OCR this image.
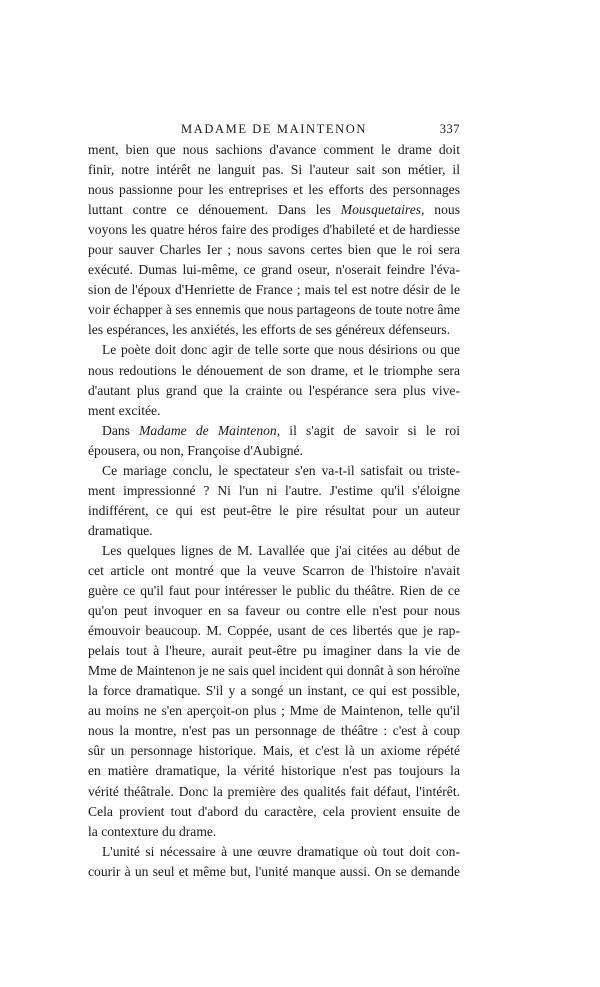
MADAME DE MAINTENON	337
ment, bien que nous sachions d'avance comment le drame doit
finir, notre intérêt ne languit pas. Si l'auteur sait son métier, il
nous passionne pour les entreprises et les efforts des personnages
luttant contre ce dénouement. Dans les Mousquetaires, nous
voyons les quatre héros faire des prodiges d'habileté et de hardiesse
pour sauver Charles Ier ; nous savons certes bien que le roi sera
exécuté. Dumas lui-même, ce grand oseur, n'oserait feindre l'éva-
sion de l'époux d'Henriette de France ; mais tel est notre désir de le
voir échapper à ses ennemis que nous partageons de toute notre âme
les espérances, les anxiétés, les efforts de ses généreux défenseurs.
Le poète doit donc agir de telle sorte que nous désirions ou que
nous redoutions le dénouement de son drame, et le triomphe sera
d'autant plus grand que la crainte ou l'espérance sera plus vive-
ment excitée.
Dans Madame de Maintenon, il s'agit de savoir si le roi
épousera, ou non, Françoise d'Aubigné.
Ce mariage conclu, le spectateur s'en va-t-il satisfait ou triste-
ment impressionné ? Ni l'un ni l'autre. J'estime qu'il s'éloigne
indifférent, ce qui est peut-être le pire résultat pour un auteur
dramatique.
Les quelques lignes de M. Lavallée que j'ai citées au début de
cet article ont montré que la veuve Scarron de l'histoire n'avait
guère ce qu'il faut pour intéresser le public du théâtre. Rien de ce
qu'on peut invoquer en sa faveur ou contre elle n'est pour nous
émouvoir beaucoup. M. Coppée, usant de ces libertés que je rap-
pelais tout à l'heure, aurait peut-être pu imaginer dans la vie de
Mme de Maintenon je ne sais quel incident qui donnât à son héroïne
la force dramatique. S'il y a songé un instant, ce qui est possible,
au moins ne s'en aperçoit-on plus ; Mme de Maintenon, telle qu'il
nous la montre, n'est pas un personnage de théâtre : c'est à coup
sûr un personnage historique. Mais, et c'est là un axiome répété
en matière dramatique, la vérité historique n'est pas toujours la
vérité théâtrale. Donc la première des qualités fait défaut, l'intérêt.
Cela provient tout d'abord du caractère, cela provient ensuite de
la contexture du drame.
L'unité si nécessaire à une œuvre dramatique où tout doit con-
courir à un seul et même but, l'unité manque aussi. On se demande
